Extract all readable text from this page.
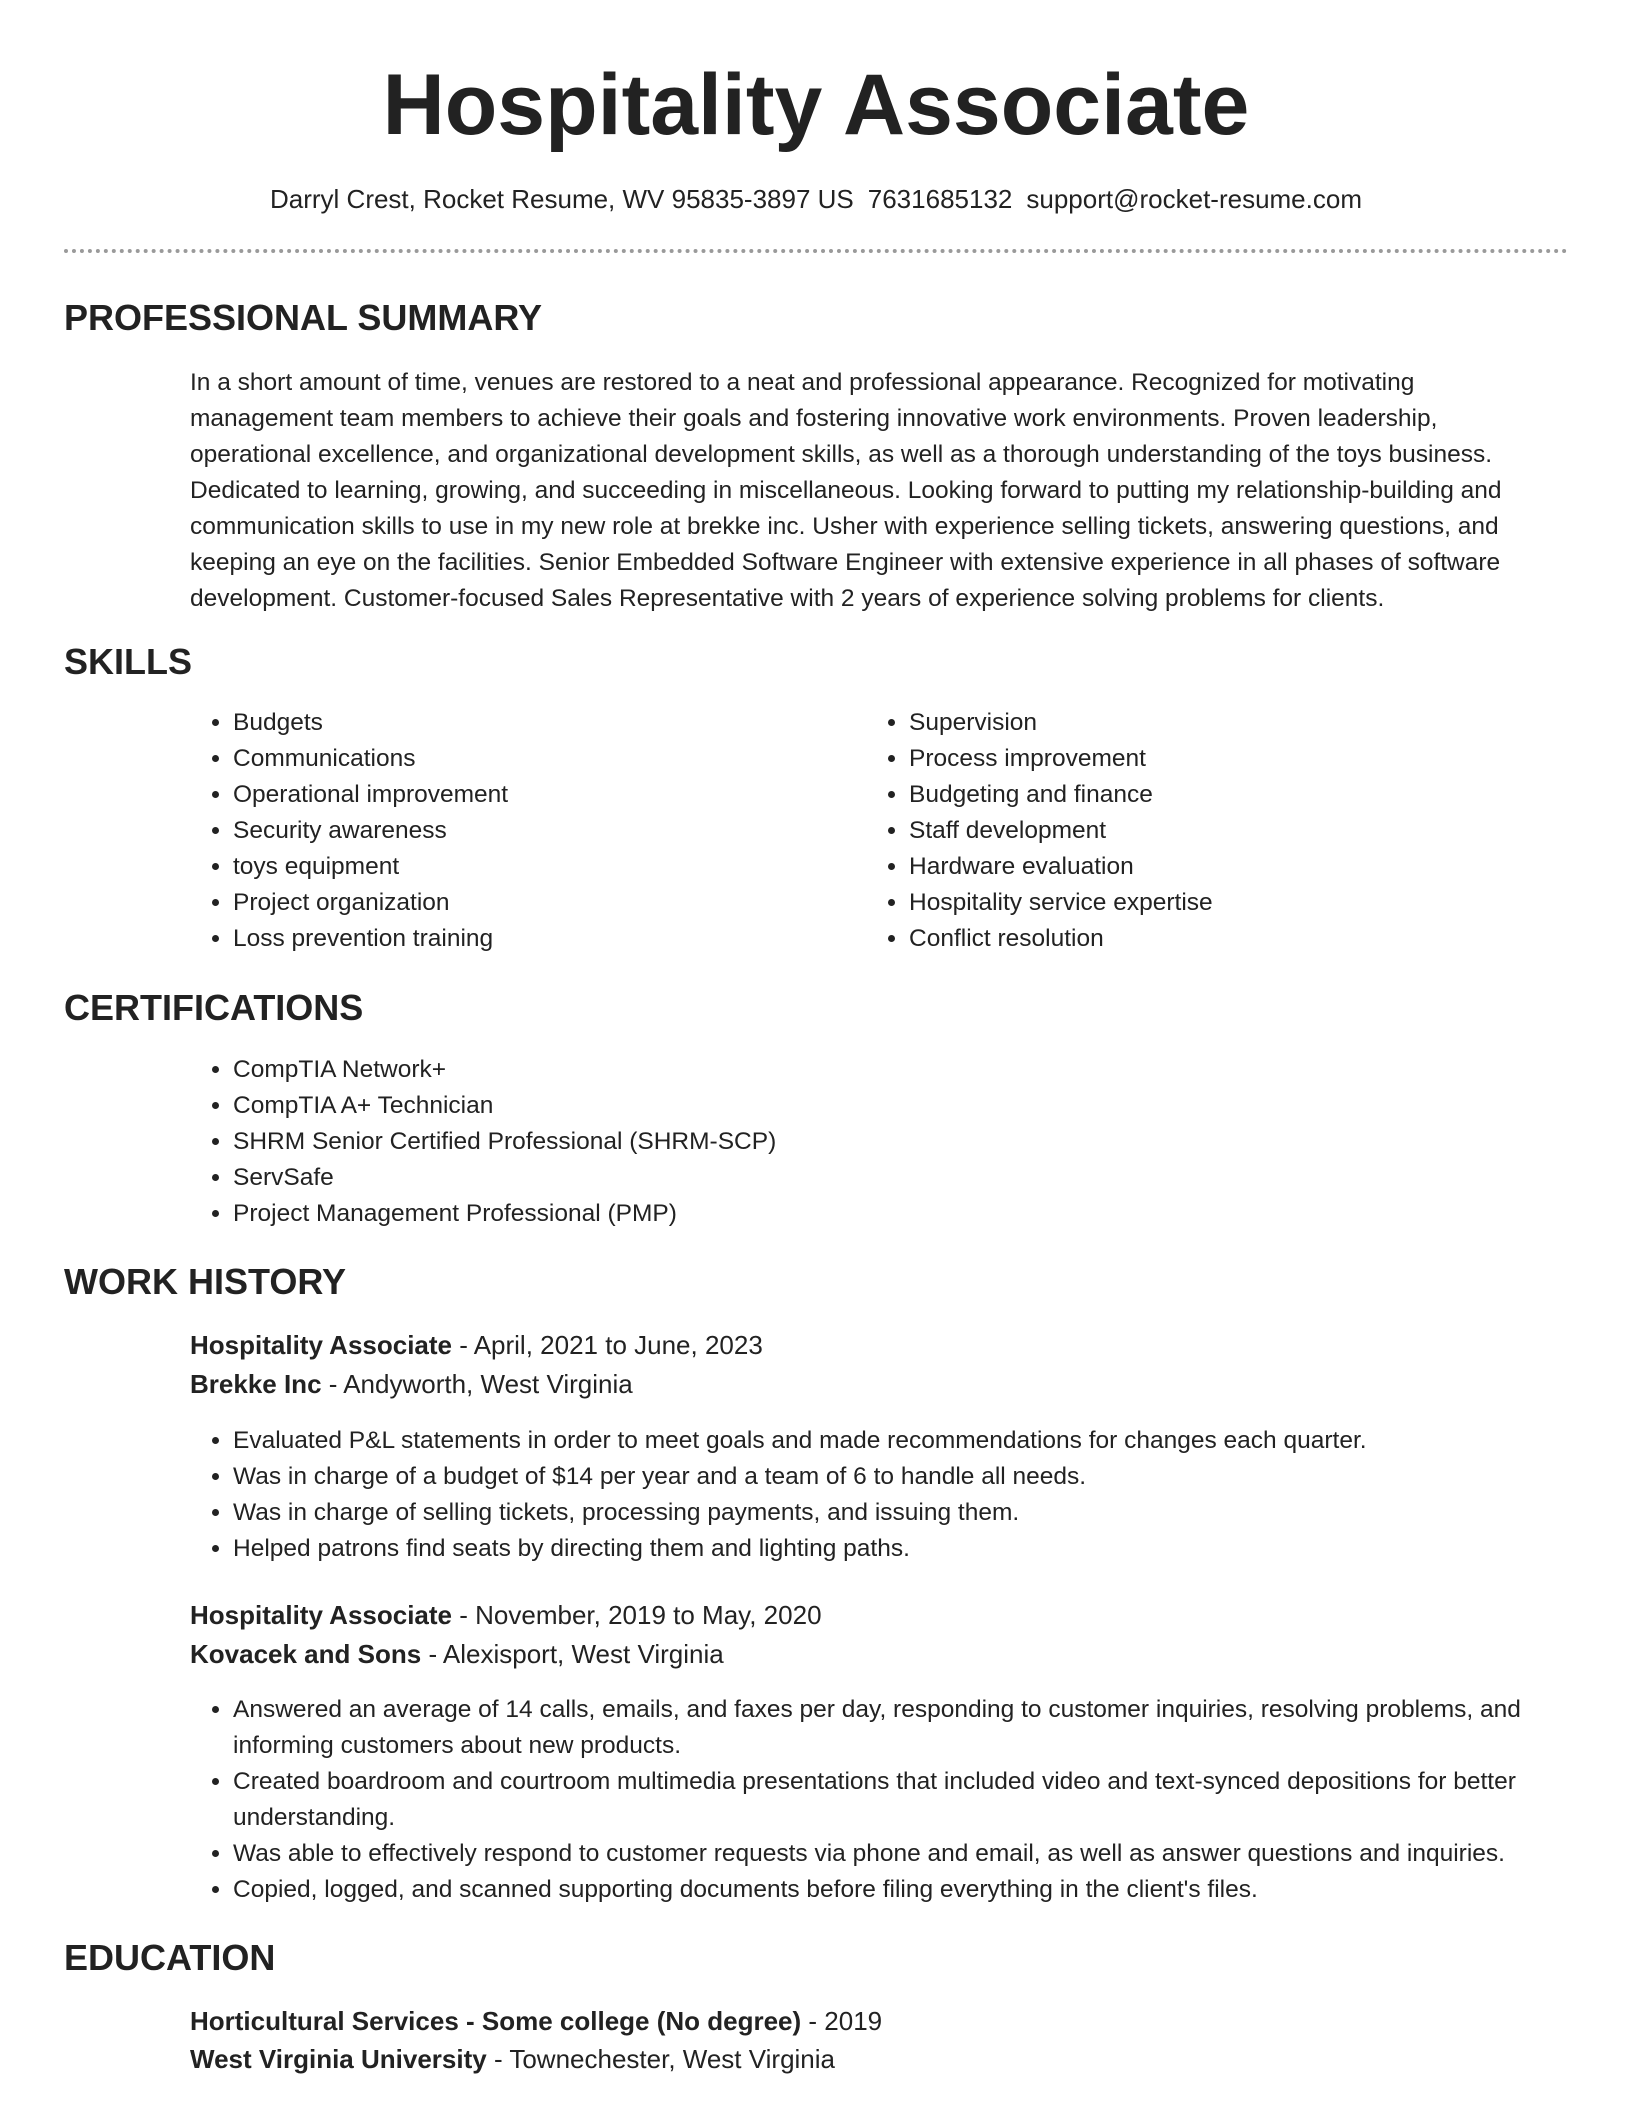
Hospitality Associate
Darryl Crest, Rocket Resume, WV 95835-3897 US 7631685132 support@rocket-resume.com
PROFESSIONAL SUMMARY

In a short amount of time, venues are restored to a neat and professional appearance. Recognized for motivating management team members to achieve their goals and fostering innovative work environments. Proven leadership, operational excellence, and organizational development skills, as well as a thorough understanding of the toys business. Dedicated to learning, growing, and succeeding in miscellaneous. Looking forward to putting my relationship-building and communication skills to use in my new role at brekke inc. Usher with experience selling tickets, answering questions, and keeping an eye on the facilities. Senior Embedded Software Engineer with extensive experience in all phases of software development. Customer-focused Sales Representative with 2 years of experience solving problems for clients.

SKILLS
• Budgets
• Communications
• Operational improvement
• Security awareness
• toys equipment
• Project organization
• Loss prevention training
• Supervision
• Process improvement
• Budgeting and finance
• Staff development
• Hardware evaluation
• Hospitality service expertise
• Conflict resolution
CERTIFICATIONS
• CompTIA Network+
• CompTIA A+ Technician
• SHRM Senior Certified Professional (SHRM-SCP)
• ServSafe
• Project Management Professional (PMP)
WORK HISTORY
Hospitality Associate - April, 2021 to June, 2023
Brekke Inc - Andyworth, West Virginia
• Evaluated P&L statements in order to meet goals and made recommendations for changes each quarter.
• Was in charge of a budget of $14 per year and a team of 6 to handle all needs.
• Was in charge of selling tickets, processing payments, and issuing them.
• Helped patrons find seats by directing them and lighting paths.
Hospitality Associate - November, 2019 to May, 2020
Kovacek and Sons - Alexisport, West Virginia
• Answered an average of 14 calls, emails, and faxes per day, responding to customer inquiries, resolving problems, and informing customers about new products.
• Created boardroom and courtroom multimedia presentations that included video and text-synced depositions for better understanding.
• Was able to effectively respond to customer requests via phone and email, as well as answer questions and inquiries.
• Copied, logged, and scanned supporting documents before filing everything in the client's files.
EDUCATION
Horticultural Services - Some college (No degree) - 2019
West Virginia University - Townechester, West Virginia
